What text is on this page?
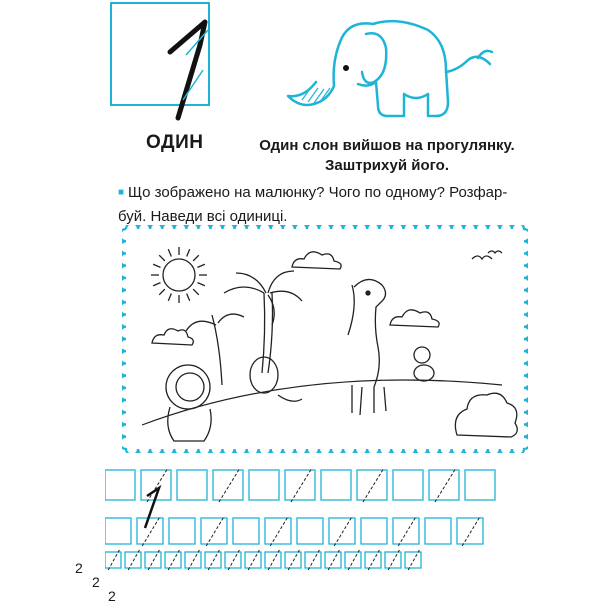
ОДИН	Один слон вийшов на прогулянку.
Заштрихуй його.
■ Що зображено на малюнку? Чого по одному? Розфар-
буй. Наведи всі одиниці.
2
2
2
